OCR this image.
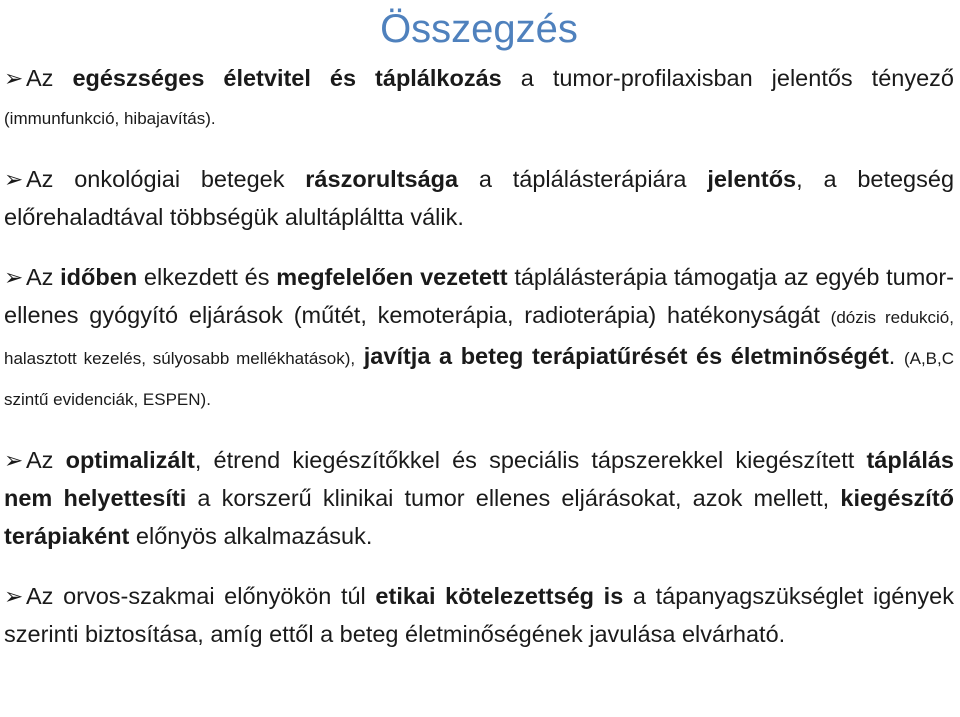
Összegzés

➢ Az egészséges életvitel és táplálkozás a tumor-profilaxisban jelentős tényező (immunfunkció, hibajavítás).

➢ Az onkológiai betegek rászorultsága a táplálásterápiára jelentős, a betegség előrehaladtával többségük alultápláltta válik.

➢ Az időben elkezdett és megfelelően vezetett táplálásterápia támogatja az egyéb tumor-ellenes gyógyító eljárások (műtét, kemoterápia, radioterápia) hatékonyságát (dózis redukció, halasztott kezelés, súlyosabb mellékhatások), javítja a beteg terápiatűrését és életminőségét. (A,B,C szintű evidenciák, ESPEN).

➢ Az optimalizált, étrend kiegészítőkkel és speciális tápszerekkel kiegészített táplálás nem helyettesíti a korszerű klinikai tumor ellenes eljárásokat, azok mellett, kiegészítő terápiaként előnyös alkalmazásuk.

➢ Az orvos-szakmai előnyökön túl etikai kötelezettség is a tápanyagszükséglet igények szerinti biztosítása, amíg ettől a beteg életminőségének javulása elvárható.
